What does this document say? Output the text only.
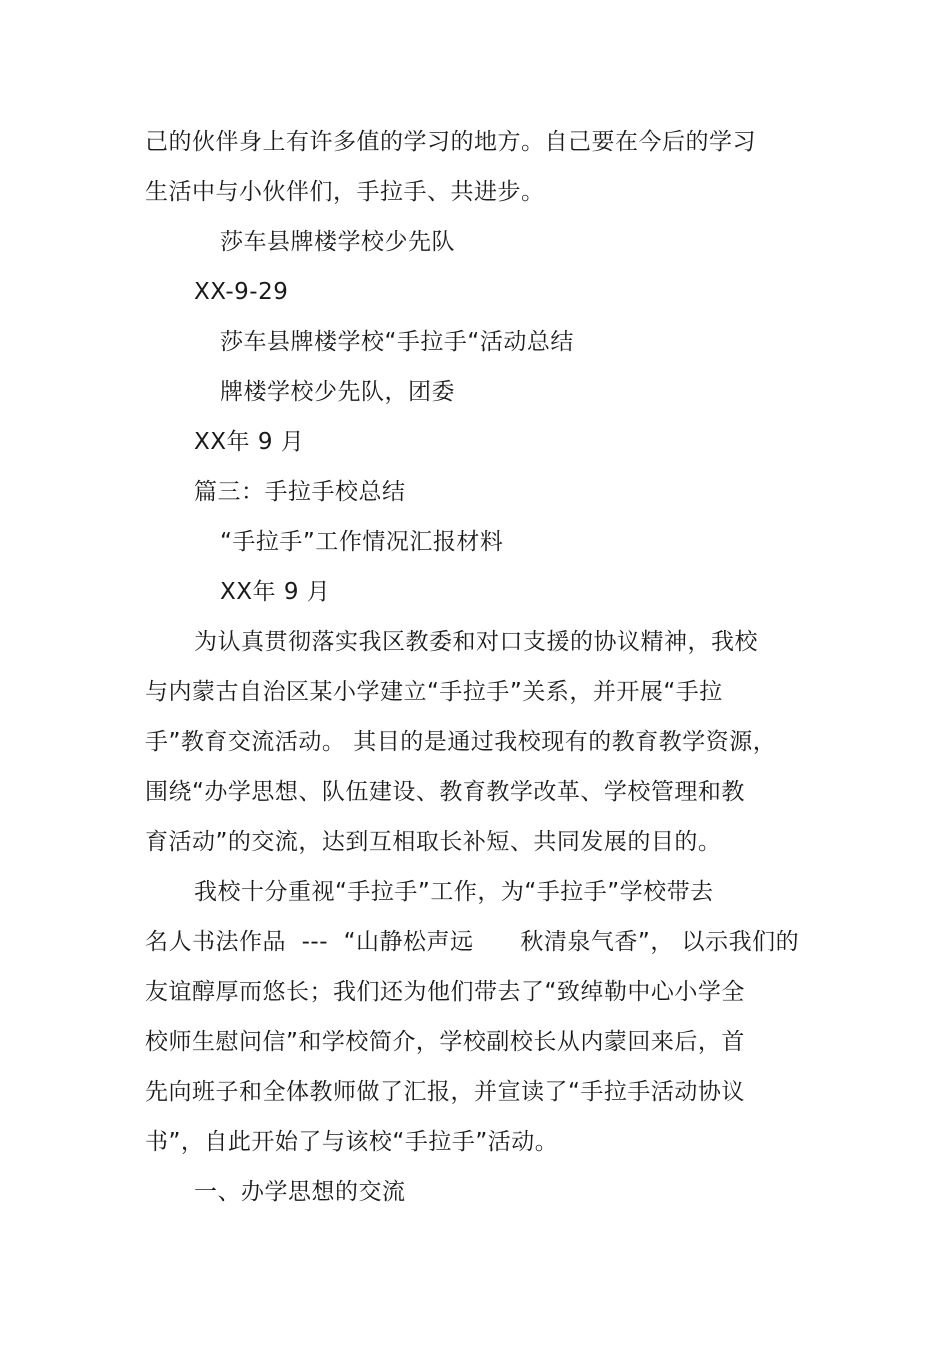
己的伙伴身上有许多值的学习的地方。自己要在今后的学习
生活中与小伙伴们，手拉手、共进步。
莎车县牌楼学校少先队
XX-9-29
莎车县牌楼学校“手拉手“活动总结
牌楼学校少先队，团委
XX年 9 月
篇三：手拉手校总结
“手拉手”工作情况汇报材料
XX年 9 月
为认真贯彻落实我区教委和对口支援的协议精神，我校
与内蒙古自治区某小学建立“手拉手”关系，并开展“手拉
手”教育交流活动。 其目的是通过我校现有的教育教学资源，
围绕“办学思想、队伍建设、教育教学改革、学校管理和教
育活动”的交流，达到互相取长补短、共同发展的目的。
我校十分重视“手拉手”工作，为“手拉手”学校带去
名人书法作品  ---  “山静松声远      秋清泉气香”， 以示我们的
友谊醇厚而悠长；我们还为他们带去了“致绰勒中心小学全
校师生慰问信”和学校简介，学校副校长从内蒙回来后，首
先向班子和全体教师做了汇报，并宣读了“手拉手活动协议
书”，自此开始了与该校“手拉手”活动。
一、办学思想的交流
